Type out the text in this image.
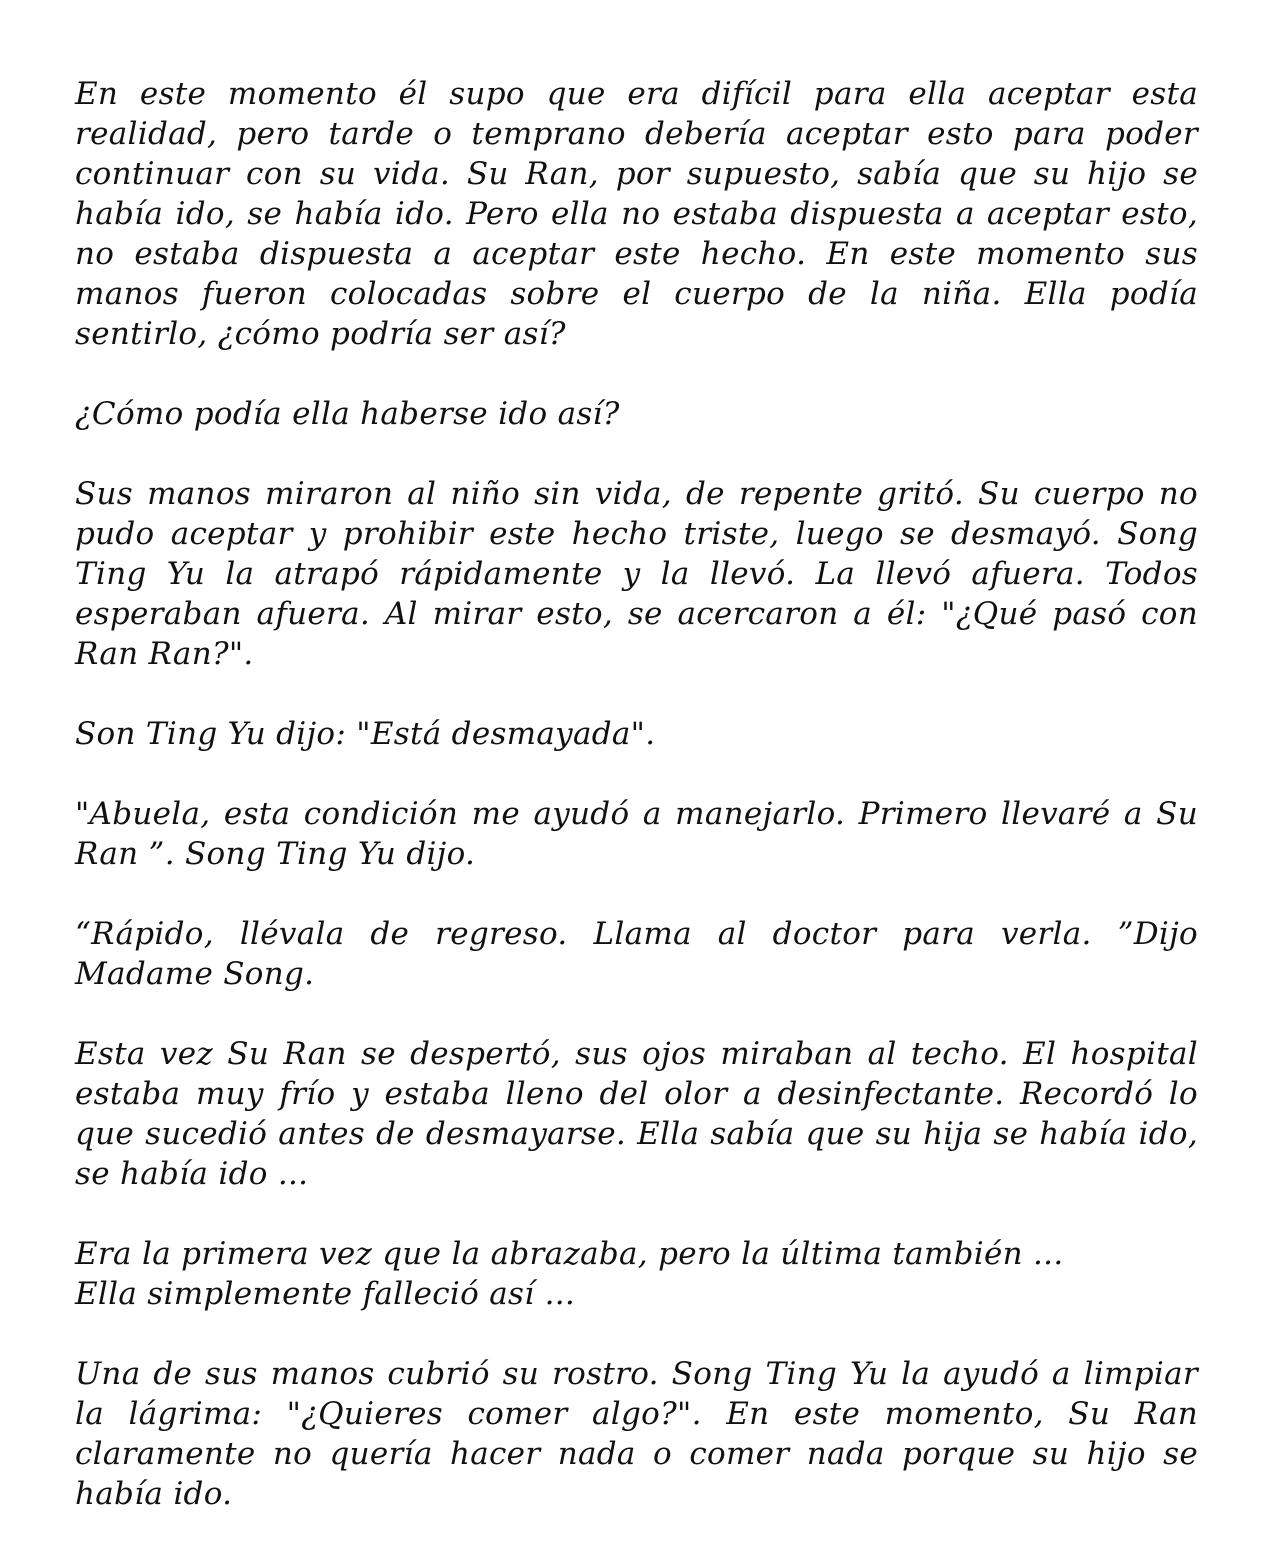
En este momento él supo que era difícil para ella aceptar esta realidad, pero tarde o temprano debería aceptar esto para poder continuar con su vida. Su Ran, por supuesto, sabía que su hijo se había ido, se había ido. Pero ella no estaba dispuesta a aceptar esto, no estaba dispuesta a aceptar este hecho. En este momento sus manos fueron colocadas sobre el cuerpo de la niña. Ella podía sentirlo, ¿cómo podría ser así?

¿Cómo podía ella haberse ido así?

Sus manos miraron al niño sin vida, de repente gritó. Su cuerpo no pudo aceptar y prohibir este hecho triste, luego se desmayó. Song Ting Yu la atrapó rápidamente y la llevó. La llevó afuera. Todos esperaban afuera. Al mirar esto, se acercaron a él: "¿Qué pasó con Ran Ran?".

Son Ting Yu dijo: "Está desmayada".

"Abuela, esta condición me ayudó a manejarlo. Primero llevaré a Su Ran ”. Song Ting Yu dijo.

“Rápido, llévala de regreso. Llama al doctor para verla. ”Dijo Madame Song.

Esta vez Su Ran se despertó, sus ojos miraban al techo. El hospital estaba muy frío y estaba lleno del olor a desinfectante. Recordó lo que sucedió antes de desmayarse. Ella sabía que su hija se había ido, se había ido ...

Era la primera vez que la abrazaba, pero la última también ...
Ella simplemente falleció así ...

Una de sus manos cubrió su rostro. Song Ting Yu la ayudó a limpiar la lágrima: "¿Quieres comer algo?". En este momento, Su Ran claramente no quería hacer nada o comer nada porque su hijo se había ido.
